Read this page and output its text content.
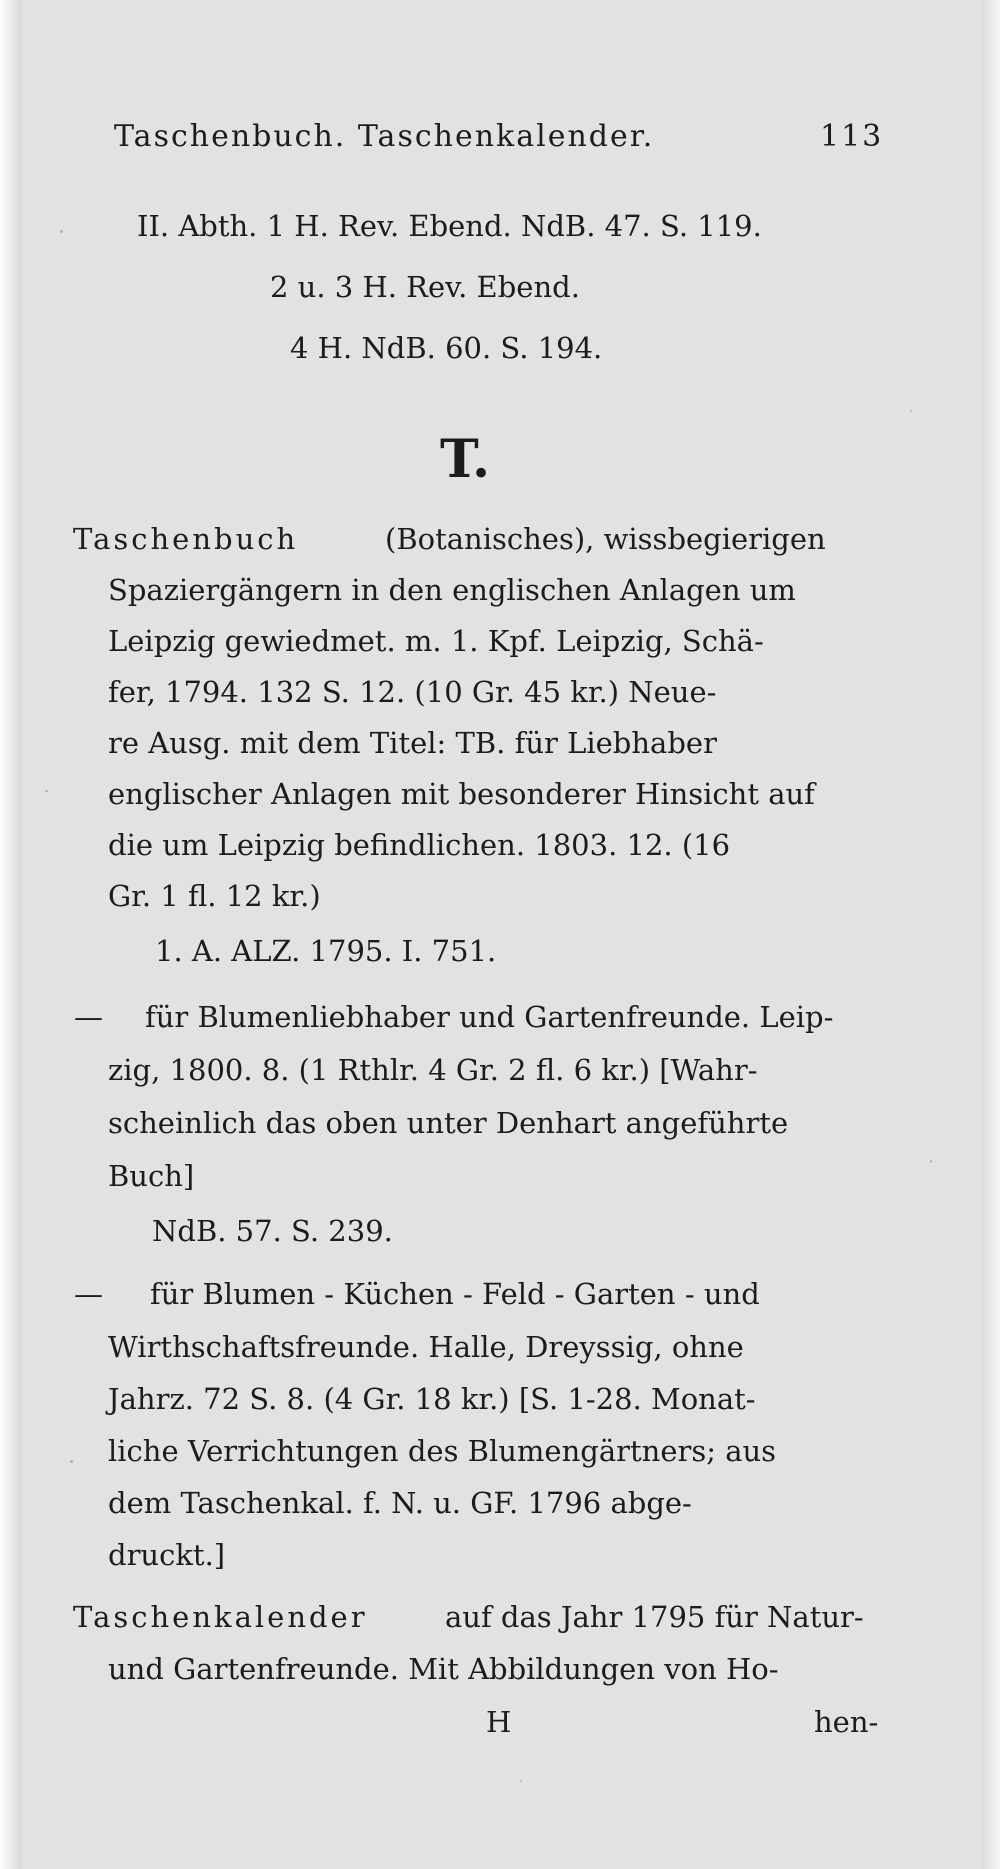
Taschenbuch. Taschenkalender.	113
II. Abth. 1 H. Rev. Ebend. NdB. 47. S. 119.
2 u. 3 H. Rev. Ebend.
4 H. NdB. 60. S. 194.
T.
Taschenbuch	(Botanisches), wissbegierigen
Spaziergängern in den englischen Anlagen um
Leipzig gewiedmet. m. 1. Kpf. Leipzig, Schä-
fer, 1794. 132 S. 12. (10 Gr. 45 kr.) Neue-
re Ausg. mit dem Titel: TB. für Liebhaber
englischer Anlagen mit besonderer Hinsicht auf
die um Leipzig befindlichen. 1803. 12. (16
Gr. 1 fl. 12 kr.)
1. A. ALZ. 1795. I. 751.
— für Blumenliebhaber und Gartenfreunde. Leip-
zig, 1800. 8. (1 Rthlr. 4 Gr. 2 fl. 6 kr.) [Wahr-
scheinlich das oben unter Denhart angeführte
Buch]
NdB. 57. S. 239.
— für Blumen - Küchen - Feld - Garten - und
Wirthschaftsfreunde. Halle, Dreyssig, ohne
Jahrz. 72 S. 8. (4 Gr. 18 kr.) [S. 1-28. Monat-
liche Verrichtungen des Blumengärtners; aus
dem Taschenkal. f. N. u. GF. 1796 abge-
druckt.]
Taschenkalender	auf das Jahr 1795 für Natur-
und Gartenfreunde. Mit Abbildungen von Ho-
H	hen-
